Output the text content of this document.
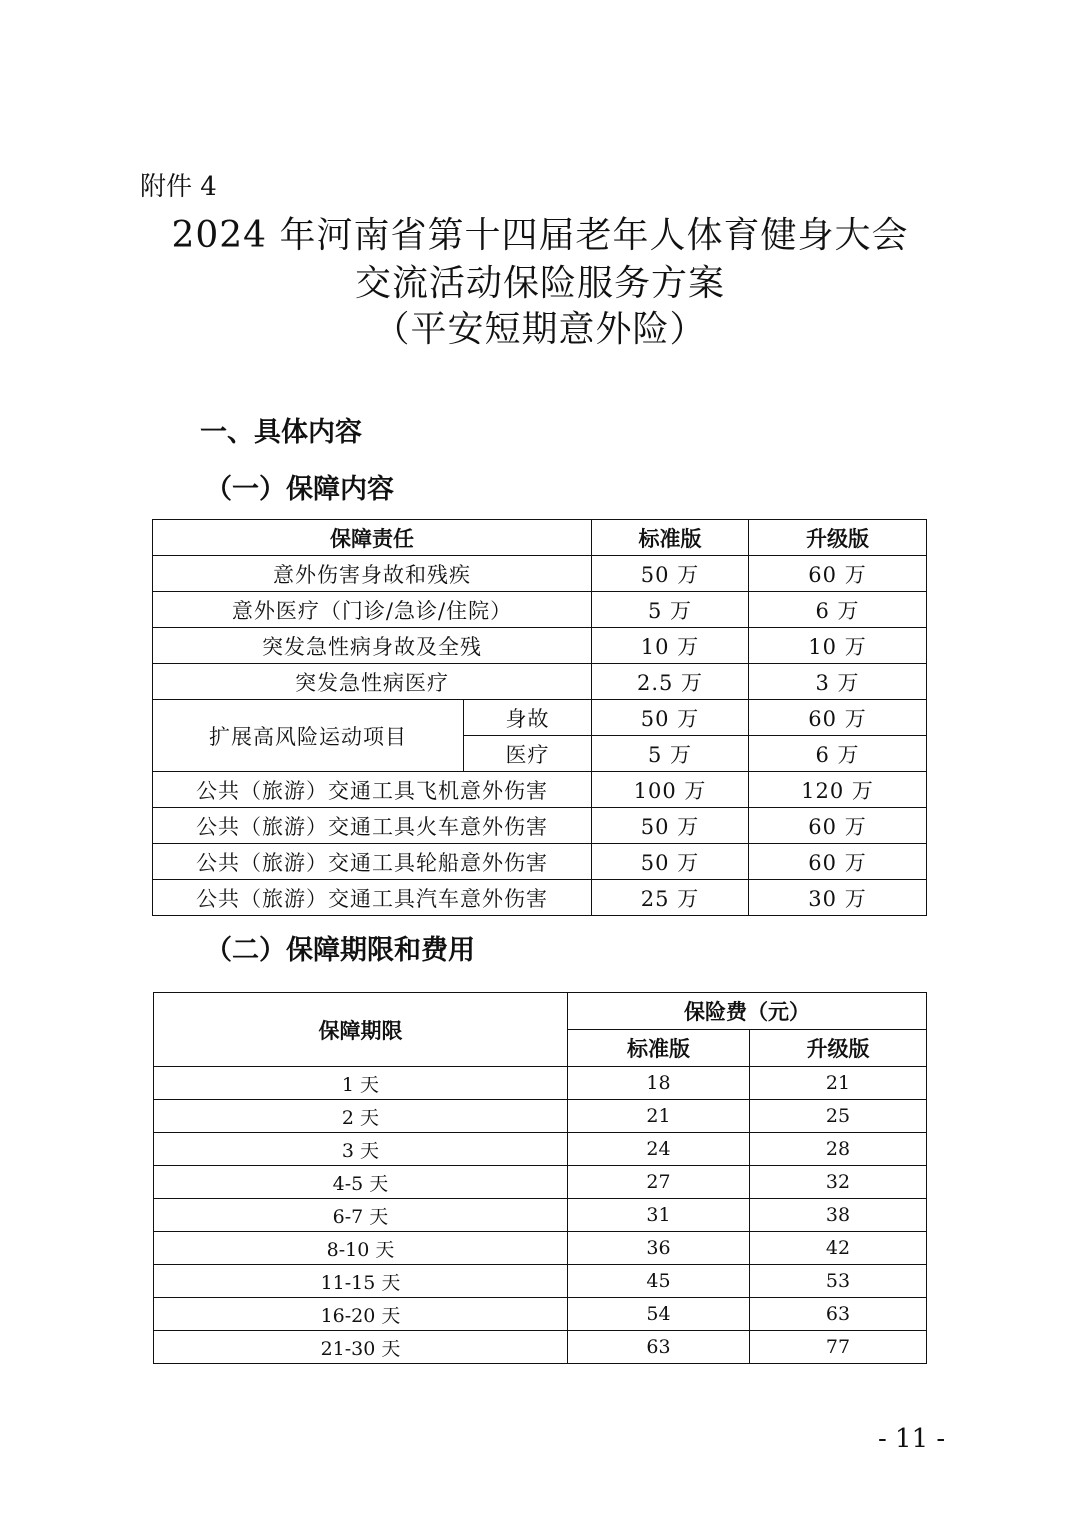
附件 4
2024 年河南省第十四届老年人体育健身大会
交流活动保险服务方案
（平安短期意外险）
一、具体内容
（一）保障内容
保障责任		标准版	升级版
意外伤害身故和残疾		50 万	60 万
意外医疗（门诊/急诊/住院）		5 万	6 万
突发急性病身故及全残		10 万	10 万
突发急性病医疗		2.5 万	3 万
扩展高风险运动项目	身故	50 万	60 万
	医疗	5 万	6 万
公共（旅游）交通工具飞机意外伤害		100 万	120 万
公共（旅游）交通工具火车意外伤害		50 万	60 万
公共（旅游）交通工具轮船意外伤害		50 万	60 万
公共（旅游）交通工具汽车意外伤害		25 万	30 万
（二）保障期限和费用
保障期限	保险费（元）	
	标准版	升级版
1 天	18	21
2 天	21	25
3 天	24	28
4-5 天	27	32
6-7 天	31	38
8-10 天	36	42
11-15 天	45	53
16-20 天	54	63
21-30 天	63	77
- 11 -
